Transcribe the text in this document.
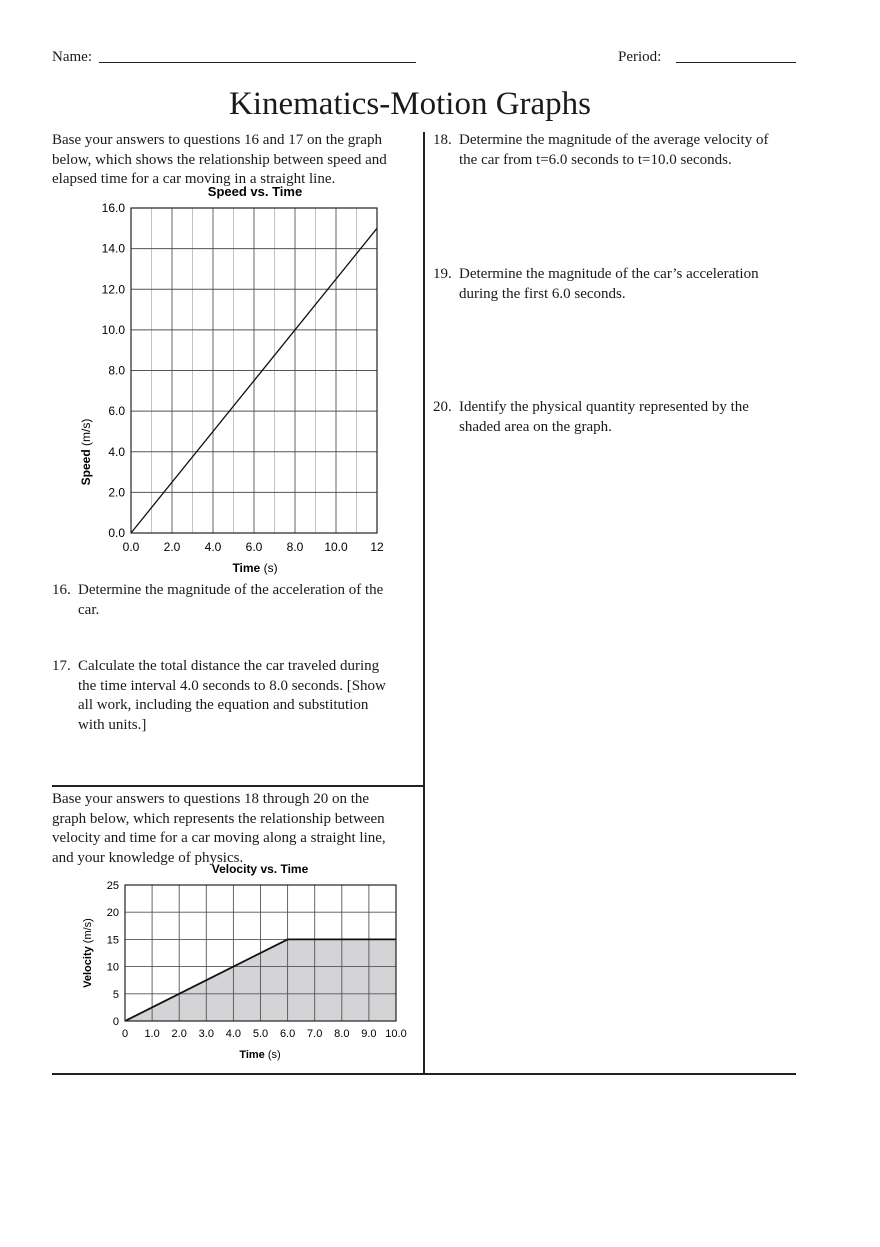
Name:	Period:
Kinematics-Motion Graphs
Base your answers to questions 16 and 17 on the graph
below, which shows the relationship between speed and
elapsed time for a car moving in a straight line.
0.0 2.0 4.0 6.0 8.0 10.0 12
0.0
2.0
4.0
6.0
8.0
10.0
12.0
14.0
16.0
Speed vs. Time
Time (s)
Speed (m/s)
16. Determine the magnitude of the acceleration of the
car.
17. Calculate the total distance the car traveled during
the time interval 4.0 seconds to 8.0 seconds. [Show
all work, including the equation and substitution
with units.]
Base your answers to questions 18 through 20 on the
graph below, which represents the relationship between
velocity and time for a car moving along a straight line,
and your knowledge of physics.
0 1.0 2.0 3.0 4.0 5.0 6.0 7.0 8.0 9.0 10.0
0
5
10
15
20
25
Velocity vs. Time
Time (s)
Velocity (m/s)
18. Determine the magnitude of the average velocity of
the car from t=6.0 seconds to t=10.0 seconds.
19. Determine the magnitude of the car’s acceleration
during the first 6.0 seconds.
20. Identify the physical quantity represented by the
shaded area on the graph.
